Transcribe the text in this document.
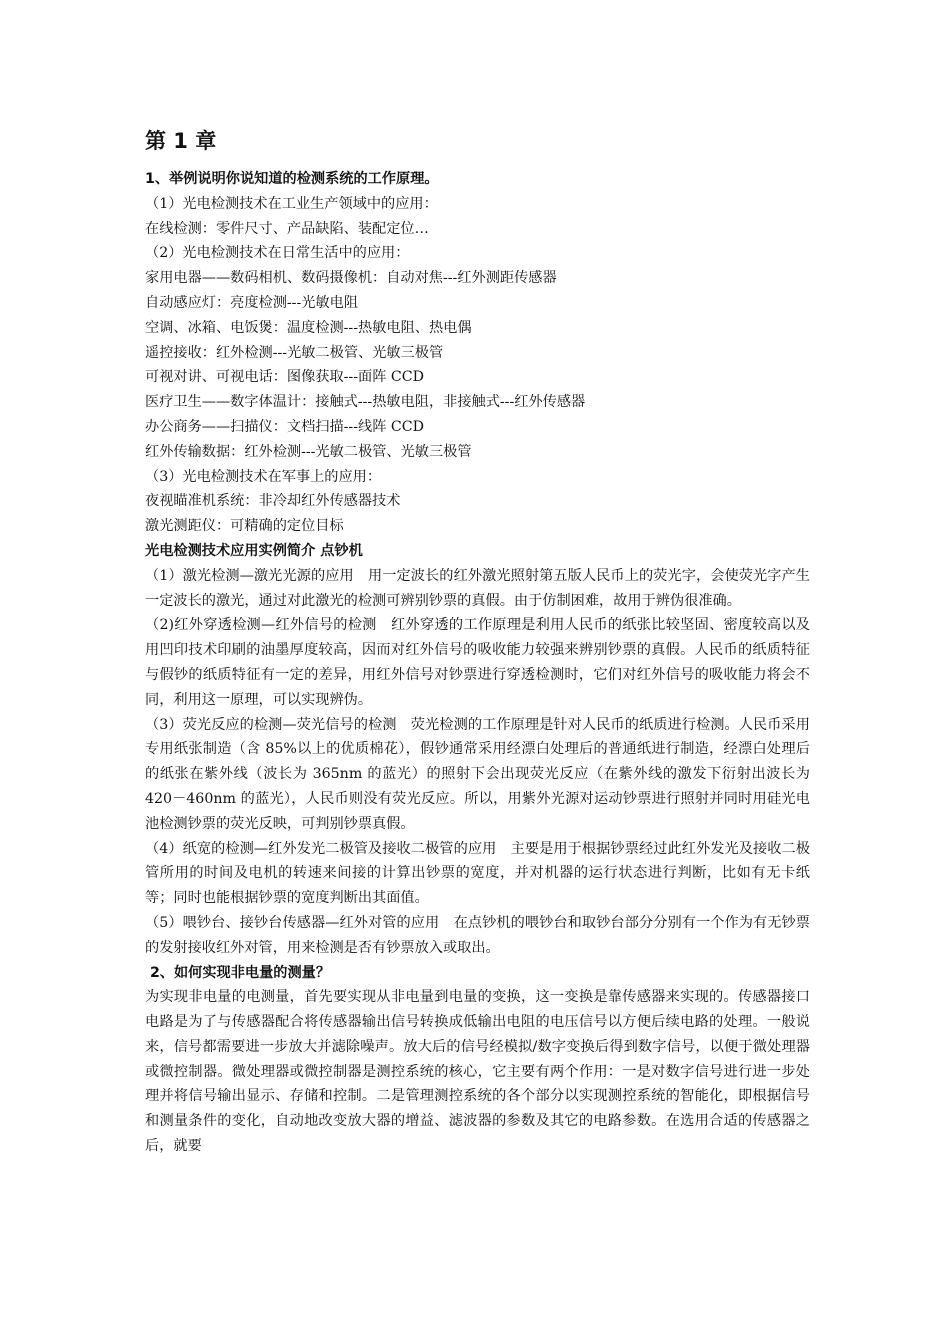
第 1 章
1、举例说明你说知道的检测系统的工作原理。
（1）光电检测技术在工业生产领域中的应用：
在线检测：零件尺寸、产品缺陷、装配定位…
（2）光电检测技术在日常生活中的应用：
家用电器——数码相机、数码摄像机：自动对焦---红外测距传感器
自动感应灯：亮度检测---光敏电阻
空调、冰箱、电饭煲：温度检测---热敏电阻、热电偶
遥控接收：红外检测---光敏二极管、光敏三极管
可视对讲、可视电话：图像获取---面阵 CCD
医疗卫生——数字体温计：接触式---热敏电阻，非接触式---红外传感器
办公商务——扫描仪：文档扫描---线阵 CCD
红外传输数据：红外检测---光敏二极管、光敏三极管
（3）光电检测技术在军事上的应用：
夜视瞄准机系统：非冷却红外传感器技术
激光测距仪：可精确的定位目标
光电检测技术应用实例简介 点钞机
（1）激光检测—激光光源的应用　用一定波长的红外激光照射第五版人民币上的荧光字，会使荧光字产生一定波长的激光，通过对此激光的检测可辨别钞票的真假。由于仿制困难，故用于辨伪很准确。
（2)红外穿透检测—红外信号的检测　红外穿透的工作原理是利用人民币的纸张比较坚固、密度较高以及用凹印技术印刷的油墨厚度较高，因而对红外信号的吸收能力较强来辨别钞票的真假。人民币的纸质特征与假钞的纸质特征有一定的差异，用红外信号对钞票进行穿透检测时，它们对红外信号的吸收能力将会不同，利用这一原理，可以实现辨伪。
（3）荧光反应的检测—荧光信号的检测　荧光检测的工作原理是针对人民币的纸质进行检测。人民币采用专用纸张制造（含 85%以上的优质棉花），假钞通常采用经漂白处理后的普通纸进行制造，经漂白处理后的纸张在紫外线（波长为 365nm 的蓝光）的照射下会出现荧光反应（在紫外线的激发下衍射出波长为 420－460nm 的蓝光），人民币则没有荧光反应。所以，用紫外光源对运动钞票进行照射并同时用硅光电池检测钞票的荧光反映，可判别钞票真假。
（4）纸宽的检测—红外发光二极管及接收二极管的应用　主要是用于根据钞票经过此红外发光及接收二极管所用的时间及电机的转速来间接的计算出钞票的宽度，并对机器的运行状态进行判断，比如有无卡纸等；同时也能根据钞票的宽度判断出其面值。
（5）喂钞台、接钞台传感器—红外对管的应用　在点钞机的喂钞台和取钞台部分分别有一个作为有无钞票的发射接收红外对管，用来检测是否有钞票放入或取出。
2、如何实现非电量的测量？
为实现非电量的电测量，首先要实现从非电量到电量的变换，这一变换是靠传感器来实现的。传感器接口电路是为了与传感器配合将传感器输出信号转换成低输出电阻的电压信号以方便后续电路的处理。一般说来，信号都需要进一步放大并滤除噪声。放大后的信号经模拟/数字变换后得到数字信号，以便于微处理器或微控制器。微处理器或微控制器是测控系统的核心，它主要有两个作用：一是对数字信号进行进一步处理并将信号输出显示、存储和控制。二是管理测控系统的各个部分以实现测控系统的智能化，即根据信号和测量条件的变化，自动地改变放大器的增益、滤波器的参数及其它的电路参数。在选用合适的传感器之后，就要
